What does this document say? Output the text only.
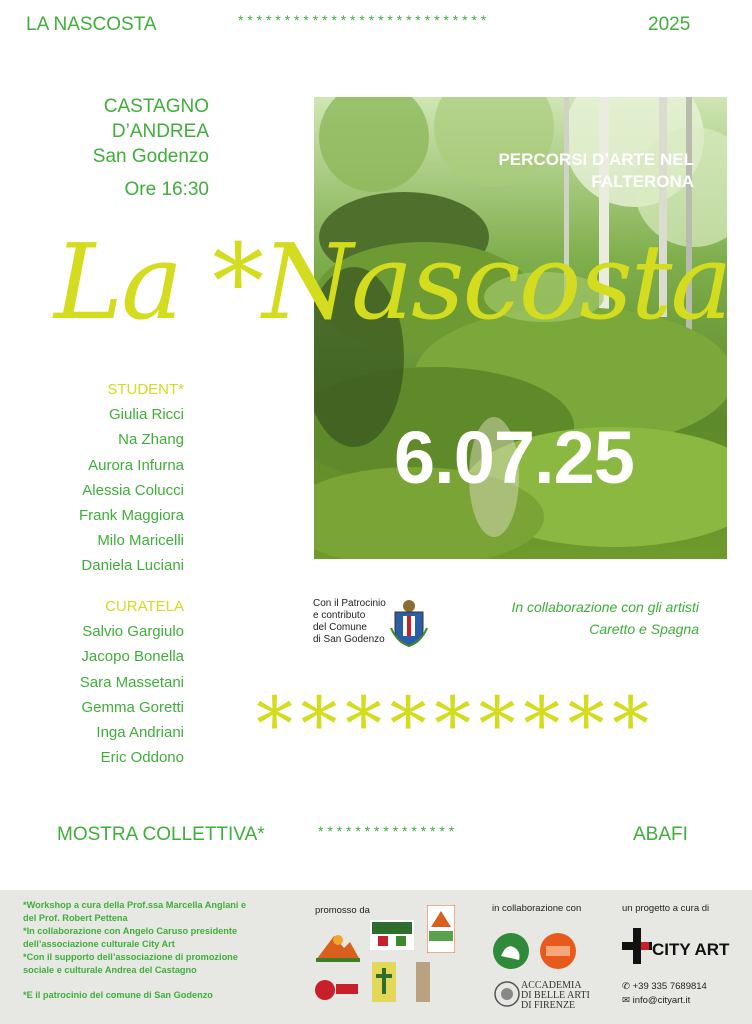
LA NASCOSTA	* * * * * * * * * * * * * * * * * * * * * * * * * * *	2025
CASTAGNO
D’ANDREA
San Godenzo
Ore 16:30
PERCORSI D’ARTE NEL
FALTERONA
6.07.25
La *Nascosta
STUDENT*
Giulia Ricci
Na Zhang
Aurora Infurna
Alessia Colucci
Frank Maggiora
Milo Maricelli
Daniela Luciani
CURATELA
Salvio Gargiulo
Jacopo Bonella
Sara Massetani
Gemma Goretti
Inga Andriani
Eric Oddono
Con il Patrocinio
e contributo
del Comune
di San Godenzo
In collaborazione con gli artisti
Caretto e Spagna
* * * * * * * * *
MOSTRA COLLETTIVA*	* * * * * * * * * * * * * * *	ABAFI
*Workshop a cura della Prof.ssa Marcella Anglani e
del Prof. Robert Pettena
*In collaborazione con Angelo Caruso presidente
dell’associazione culturale City Art
*Con il supporto dell’associazione di promozione
sociale e culturale Andrea del Castagno
*E il patrocinio del comune di San Godenzo
promosso da	in collaborazione con	un progetto a cura di
ACCADEMIA
DI BELLE ARTI
DI FIRENZE
CITY ART
✆ +39 335 7689814
✉ info@cityart.it
